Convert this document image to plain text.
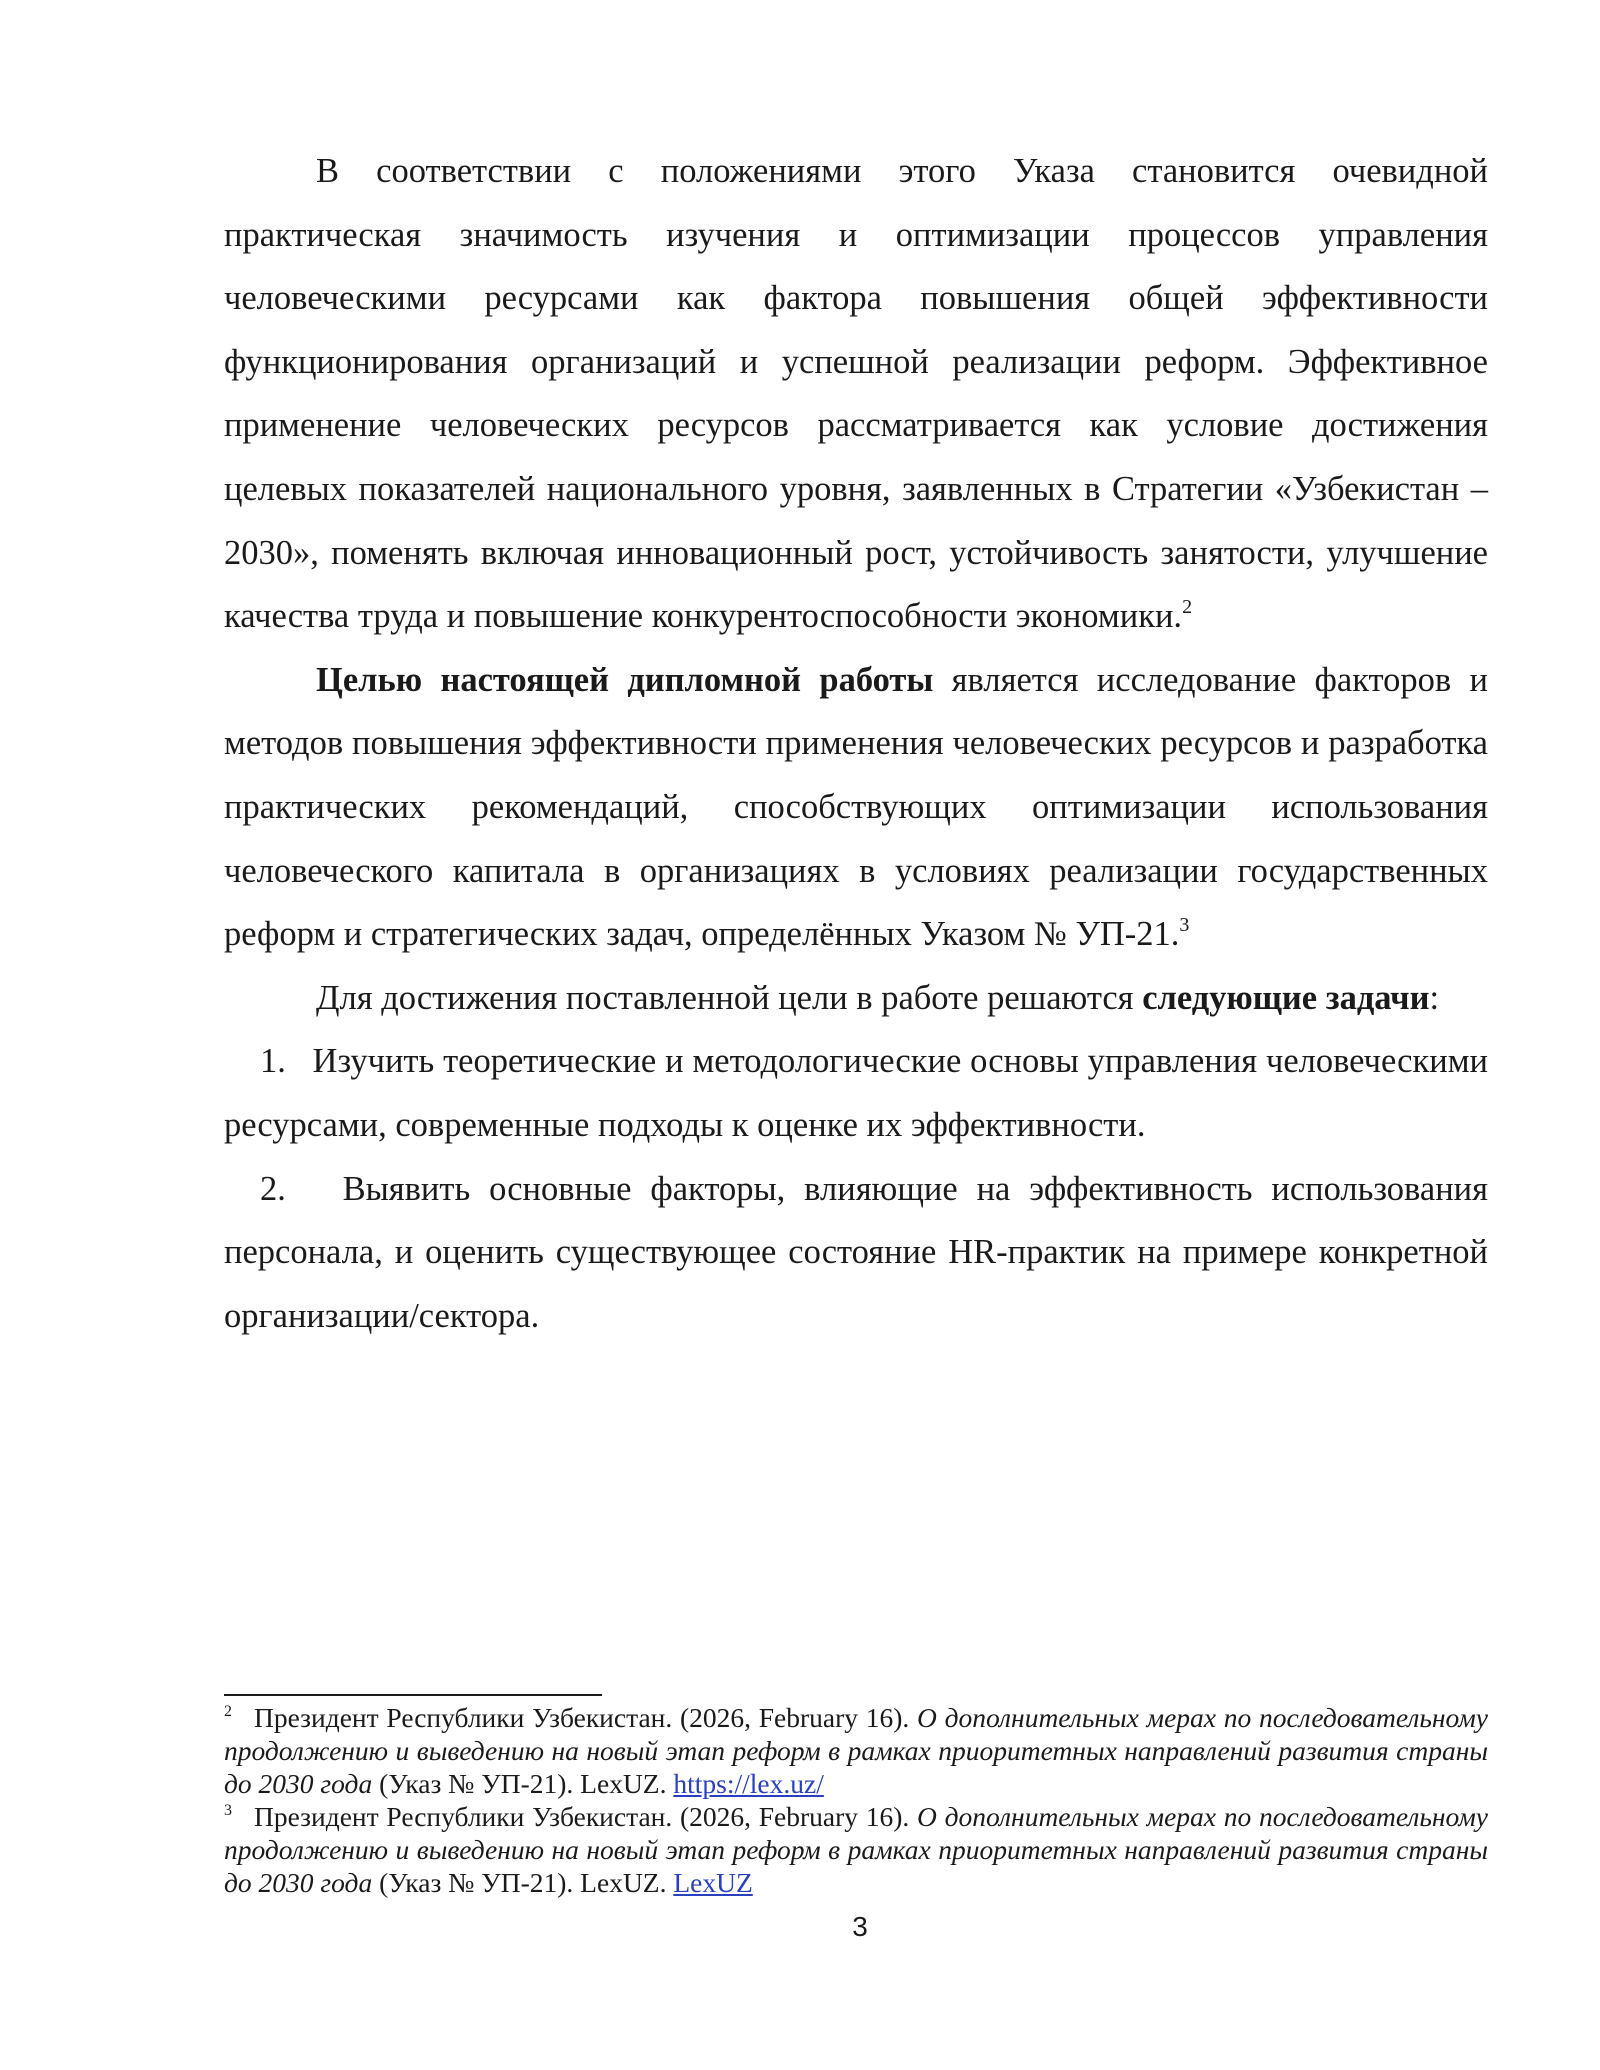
В соответствии с положениями этого Указа становится очевидной практическая значимость изучения и оптимизации процессов управления человеческими ресурсами как фактора повышения общей эффективности функционирования организаций и успешной реализации реформ. Эффективное применение человеческих ресурсов рассматривается как условие достижения целевых показателей национального уровня, заявленных в Стратегии «Узбекистан – 2030», поменять включая инновационный рост, устойчивость занятости, улучшение качества труда и повышение конкурентоспособности экономики.$^2$

Целью настоящей дипломной работы является исследование факторов и методов повышения эффективности применения человеческих ресурсов и разработка практических рекомендаций, способствующих оптимизации использования человеческого капитала в организациях в условиях реализации государственных реформ и стратегических задач, определённых Указом № УП-21.$^3$

Для достижения поставленной цели в работе решаются следующие задачи:

1. Изучить теоретические и методологические основы управления человеческими ресурсами, современные подходы к оценке их эффективности.

2. Выявить основные факторы, влияющие на эффективность использования персонала, и оценить существующее состояние HR-практик на примере конкретной организации/сектора.

$^2$ Президент Республики Узбекистан. (2026, February 16). О дополнительных мерах по последовательному продолжению и выведению на новый этап реформ в рамках приоритетных направлений развития страны до 2030 года (Указ № УП-21). LexUZ. https://lex.uz/

$^3$ Президент Республики Узбекистан. (2026, February 16). О дополнительных мерах по последовательному продолжению и выведению на новый этап реформ в рамках приоритетных направлений развития страны до 2030 года (Указ № УП-21). LexUZ. LexUZ

3
